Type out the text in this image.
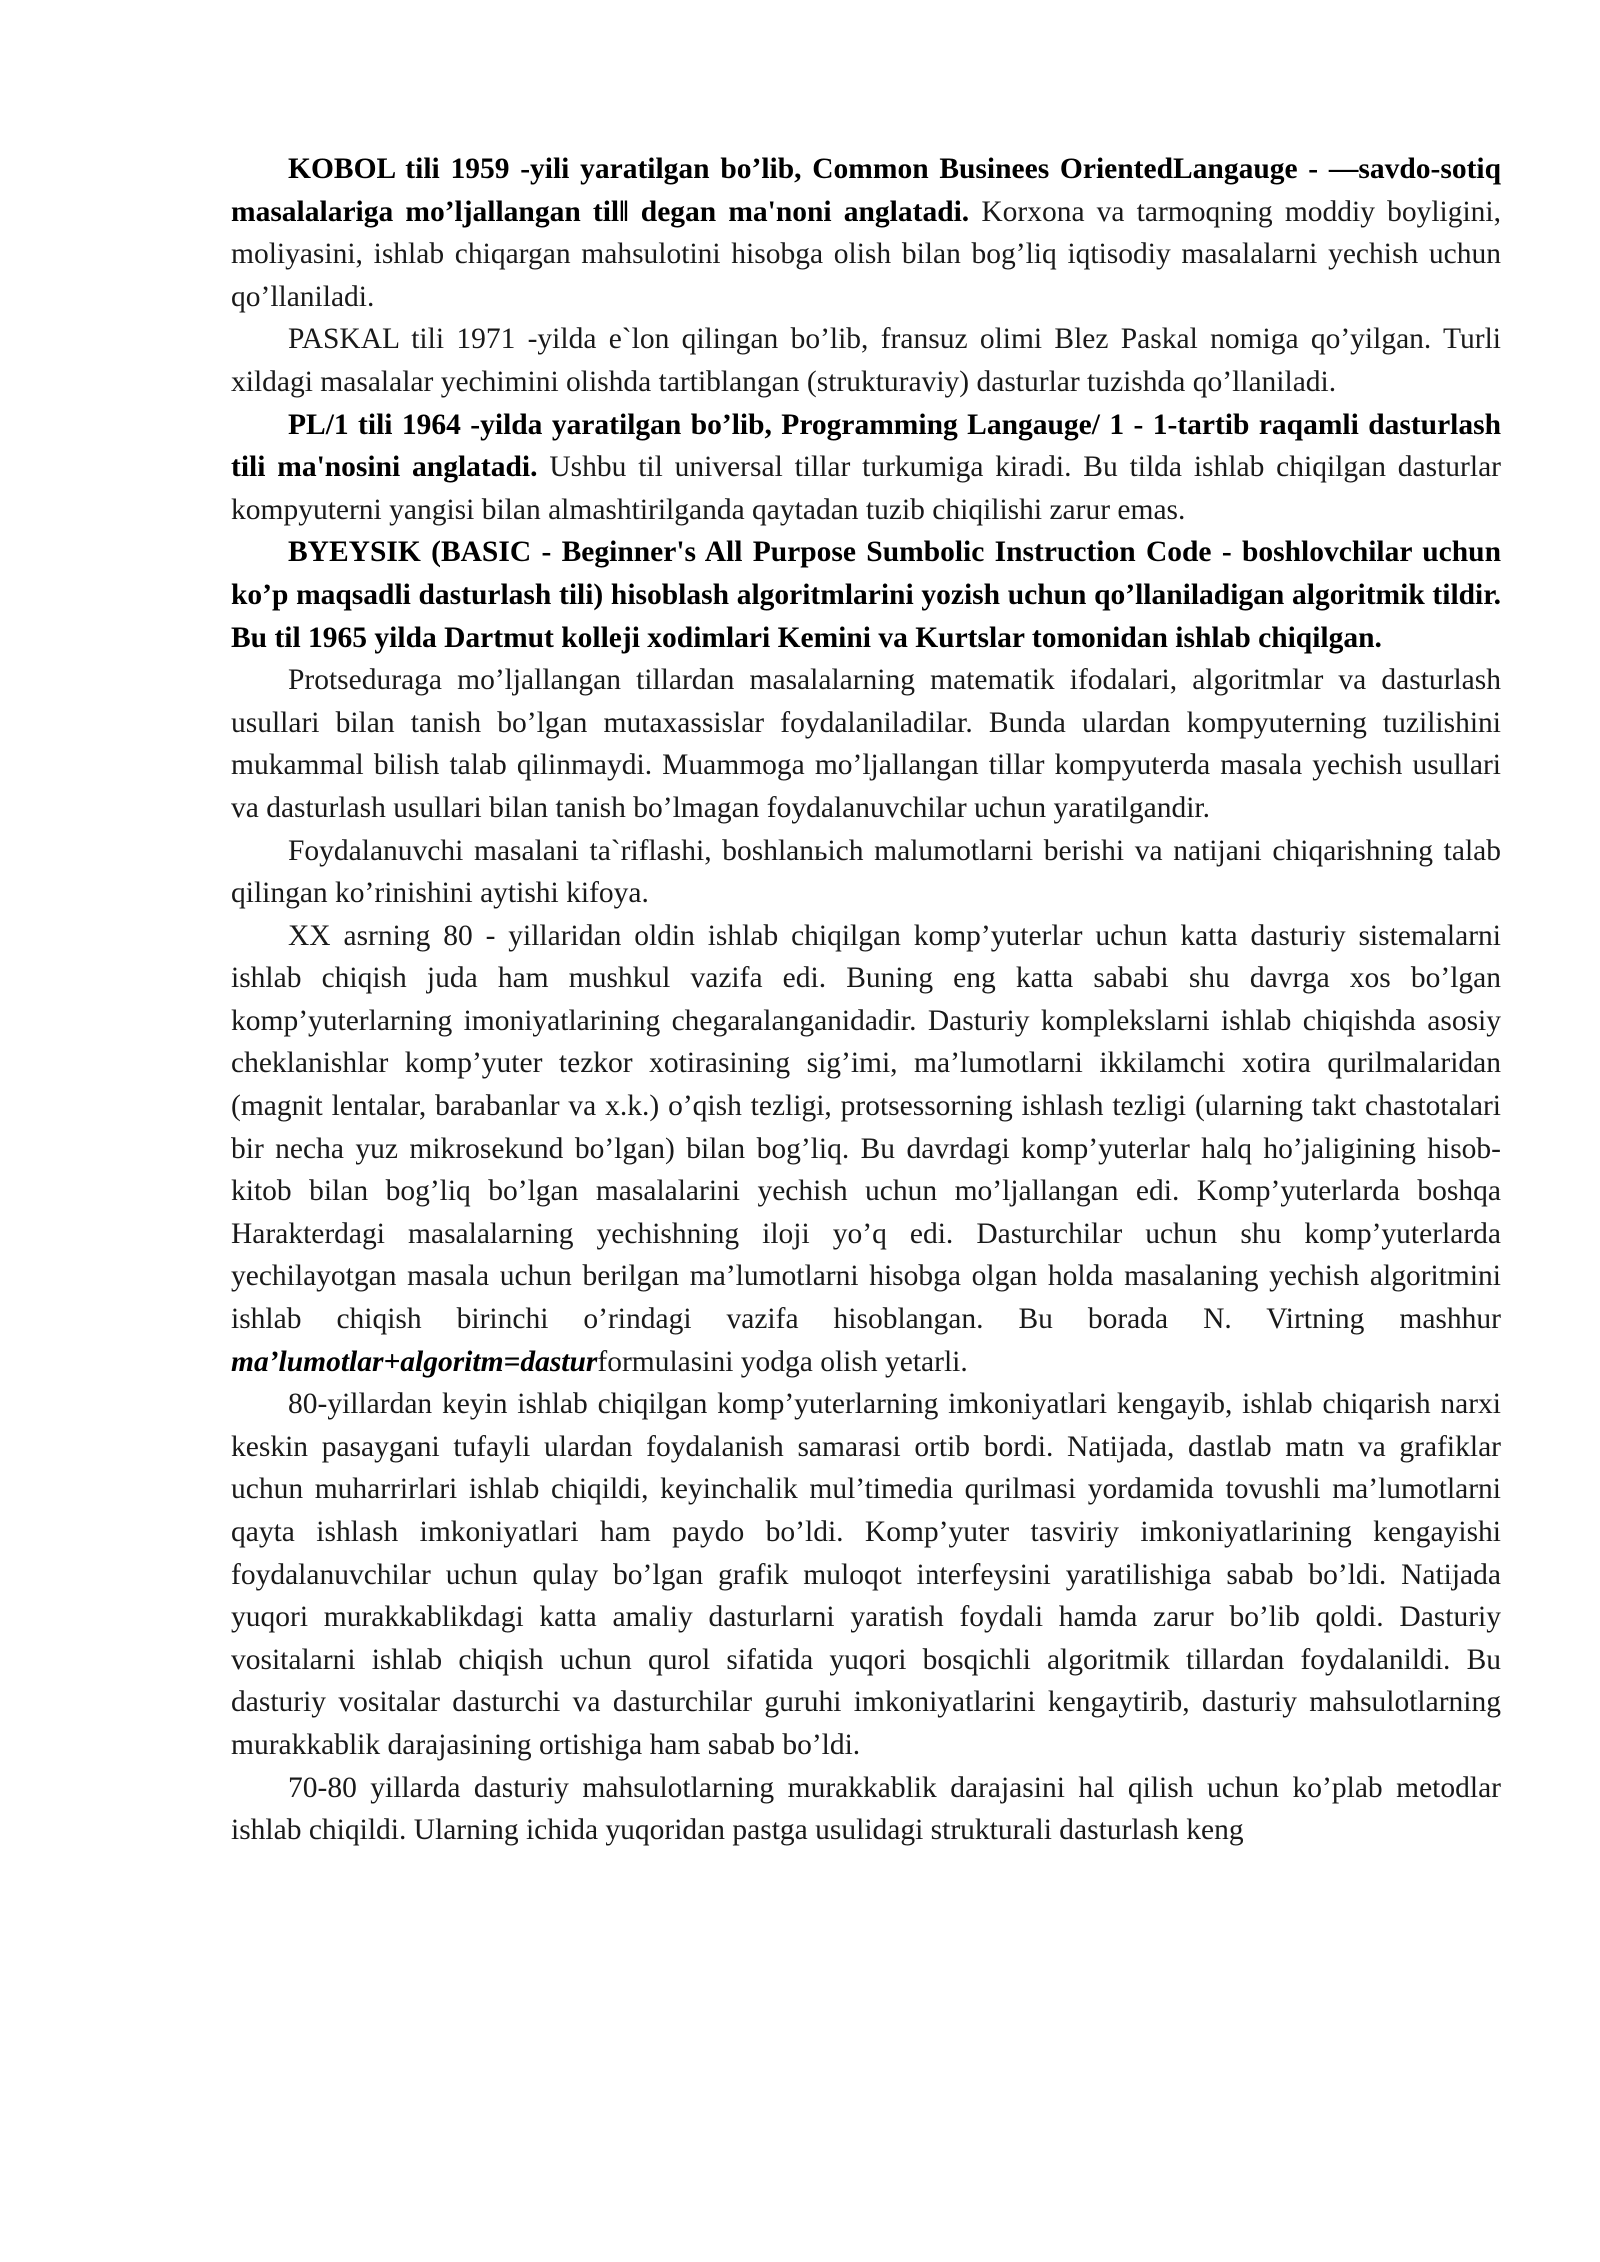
KOBOL tili 1959 -yili yaratilgan bo’lib, Common Businees OrientedLangauge - ―savdo-sotiq masalalariga mo’ljallangan til‖ degan ma'noni anglatadi. Korxona va tarmoqning moddiy boyligini, moliyasini, ishlab chiqargan mahsulotini hisobga olish bilan bog’liq iqtisodiy masalalarni yechish uchun qo’llaniladi.

PASKAL tili 1971 -yilda e`lon qilingan bo’lib, fransuz olimi Blez Paskal nomiga qo’yilgan. Turli xildagi masalalar yechimini olishda tartiblangan (strukturaviy) dasturlar tuzishda qo’llaniladi.

PL/1 tili 1964 -yilda yaratilgan bo’lib, Programming Langauge/ 1 - 1-tartib raqamli dasturlash tili ma'nosini anglatadi. Ushbu til universal tillar turkumiga kiradi. Bu tilda ishlab chiqilgan dasturlar kompyuterni yangisi bilan almashtirilganda qaytadan tuzib chiqilishi zarur emas.

BYEYSIK (BASIC - Beginner's All Purpose Sumbolic Instruction Code - boshlovchilar uchun ko’p maqsadli dasturlash tili) hisoblash algoritmlarini yozish uchun qo’llaniladigan algoritmik tildir. Bu til 1965 yilda Dartmut kolleji xodimlari Kemini va Kurtslar tomonidan ishlab chiqilgan.

Protseduraga mo’ljallangan tillardan masalalarning matematik ifodalari, algoritmlar va dasturlash usullari bilan tanish bo’lgan mutaxassislar foydalaniladilar. Bunda ulardan kompyuterning tuzilishini mukammal bilish talab qilinmaydi. Muammoga mo’ljallangan tillar kompyuterda masala yechish usullari va dasturlash usullari bilan tanish bo’lmagan foydalanuvchilar uchun yaratilgandir.

Foydalanuvchi masalani ta`riflashi, boshlanьich malumotlarni berishi va natijani chiqarishning talab qilingan ko’rinishini aytishi kifoya.

XX asrning 80 - yillaridan oldin ishlab chiqilgan komp’yuterlar uchun katta dasturiy sistemalarni ishlab chiqish juda ham mushkul vazifa edi. Buning eng katta sababi shu davrga xos bo’lgan komp’yuterlarning imoniyatlarining chegaralanganidadir. Dasturiy komplekslarni ishlab chiqishda asosiy cheklanishlar komp’yuter tezkor xotirasining sig’imi, ma’lumotlarni ikkilamchi xotira qurilmalaridan (magnit lentalar, barabanlar va x.k.) o’qish tezligi, protsessorning ishlash tezligi (ularning takt chastotalari bir necha yuz mikrosekund bo’lgan) bilan bog’liq. Bu davrdagi komp’yuterlar halq ho’jaligining hisob-kitob bilan bog’liq bo’lgan masalalarini yechish uchun mo’ljallangan edi. Komp’yuterlarda boshqa Harakterdagi masalalarning yechishning iloji yo’q edi. Dasturchilar uchun shu komp’yuterlarda yechilayotgan masala uchun berilgan ma’lumotlarni hisobga olgan holda masalaning yechish algoritmini ishlab chiqish birinchi o’rindagi vazifa hisoblangan. Bu borada N. Virtning mashhur ma’lumotlar+algoritm=dasturformulasini yodga olish yetarli.

80-yillardan keyin ishlab chiqilgan komp’yuterlarning imkoniyatlari kengayib, ishlab chiqarish narxi keskin pasaygani tufayli ulardan foydalanish samarasi ortib bordi. Natijada, dastlab matn va grafiklar uchun muharrirlari ishlab chiqildi, keyinchalik mul’timedia qurilmasi yordamida tovushli ma’lumotlarni qayta ishlash imkoniyatlari ham paydo bo’ldi. Komp’yuter tasviriy imkoniyatlarining kengayishi foydalanuvchilar uchun qulay bo’lgan grafik muloqot interfeysini yaratilishiga sabab bo’ldi. Natijada yuqori murakkablikdagi katta amaliy dasturlarni yaratish foydali hamda zarur bo’lib qoldi. Dasturiy vositalarni ishlab chiqish uchun qurol sifatida yuqori bosqichli algoritmik tillardan foydalanildi. Bu dasturiy vositalar dasturchi va dasturchilar guruhi imkoniyatlarini kengaytirib, dasturiy mahsulotlarning murakkablik darajasining ortishiga ham sabab bo’ldi.

70-80 yillarda dasturiy mahsulotlarning murakkablik darajasini hal qilish uchun ko’plab metodlar ishlab chiqildi. Ularning ichida yuqoridan pastga usulidagi strukturali dasturlash keng
